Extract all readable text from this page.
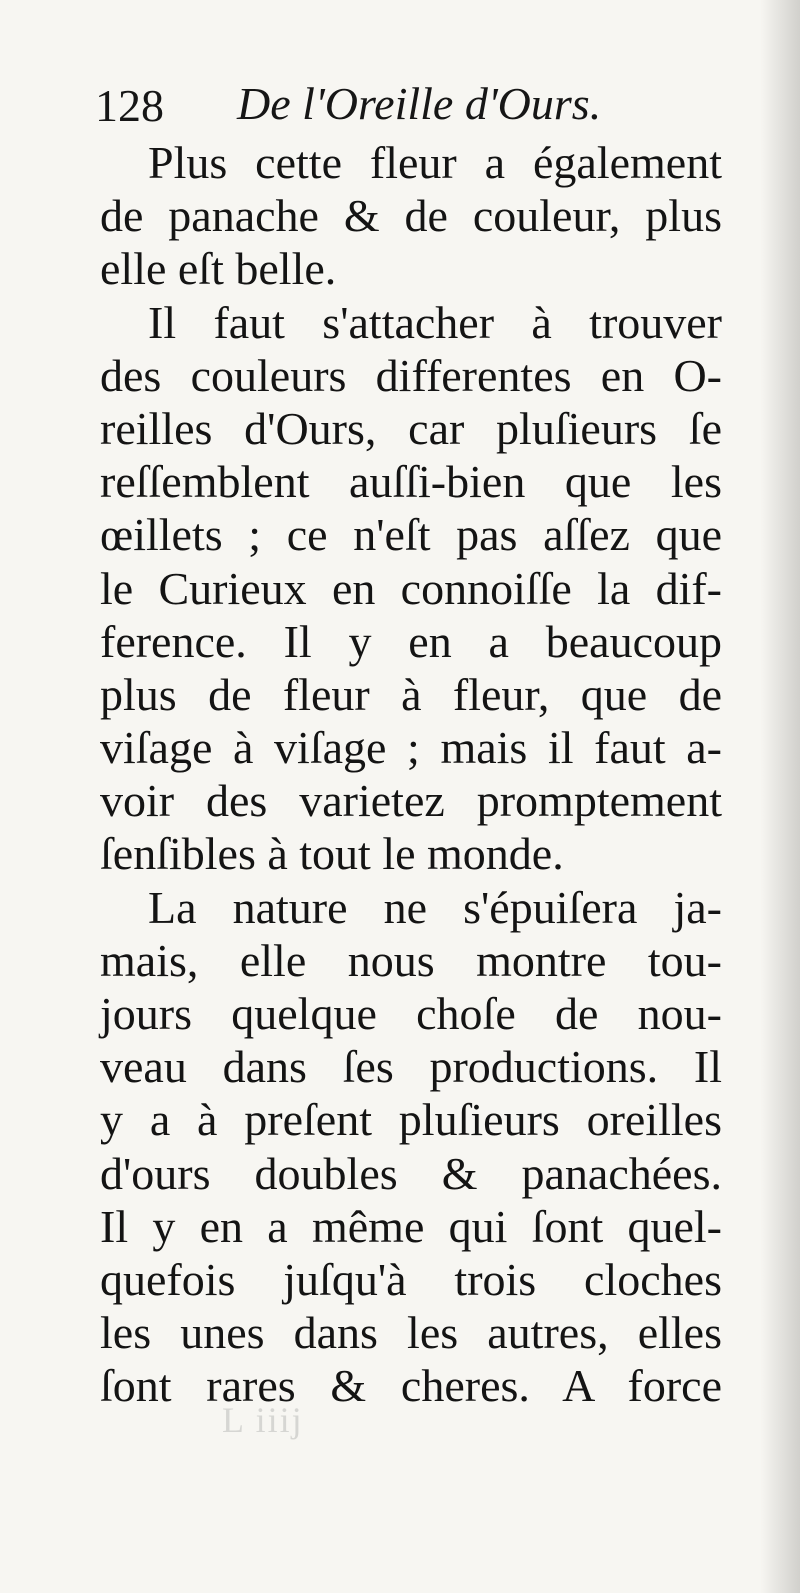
128 De l'Oreille d'Ours.
Plus cette fleur a également
de panache & de couleur, plus
elle eſt belle.
Il faut s'attacher à trouver
des couleurs differentes en O-
reilles d'Ours, car pluſieurs ſe
reſſemblent auſſi-bien que les
œillets ; ce n'eſt pas aſſez que
le Curieux en connoiſſe la dif-
ference. Il y en a beaucoup
plus de fleur à fleur, que de
viſage à viſage ; mais il faut a-
voir des varietez promptement
ſenſibles à tout le monde.
La nature ne s'épuiſera ja-
mais, elle nous montre tou-
jours quelque choſe de nou-
veau dans ſes productions. Il
y a à preſent pluſieurs oreilles
d'ours doubles & panachées.
Il y en a même qui ſont quel-
quefois juſqu'à trois cloches
les unes dans les autres, elles
ſont rares & cheres. A force
L iiij
